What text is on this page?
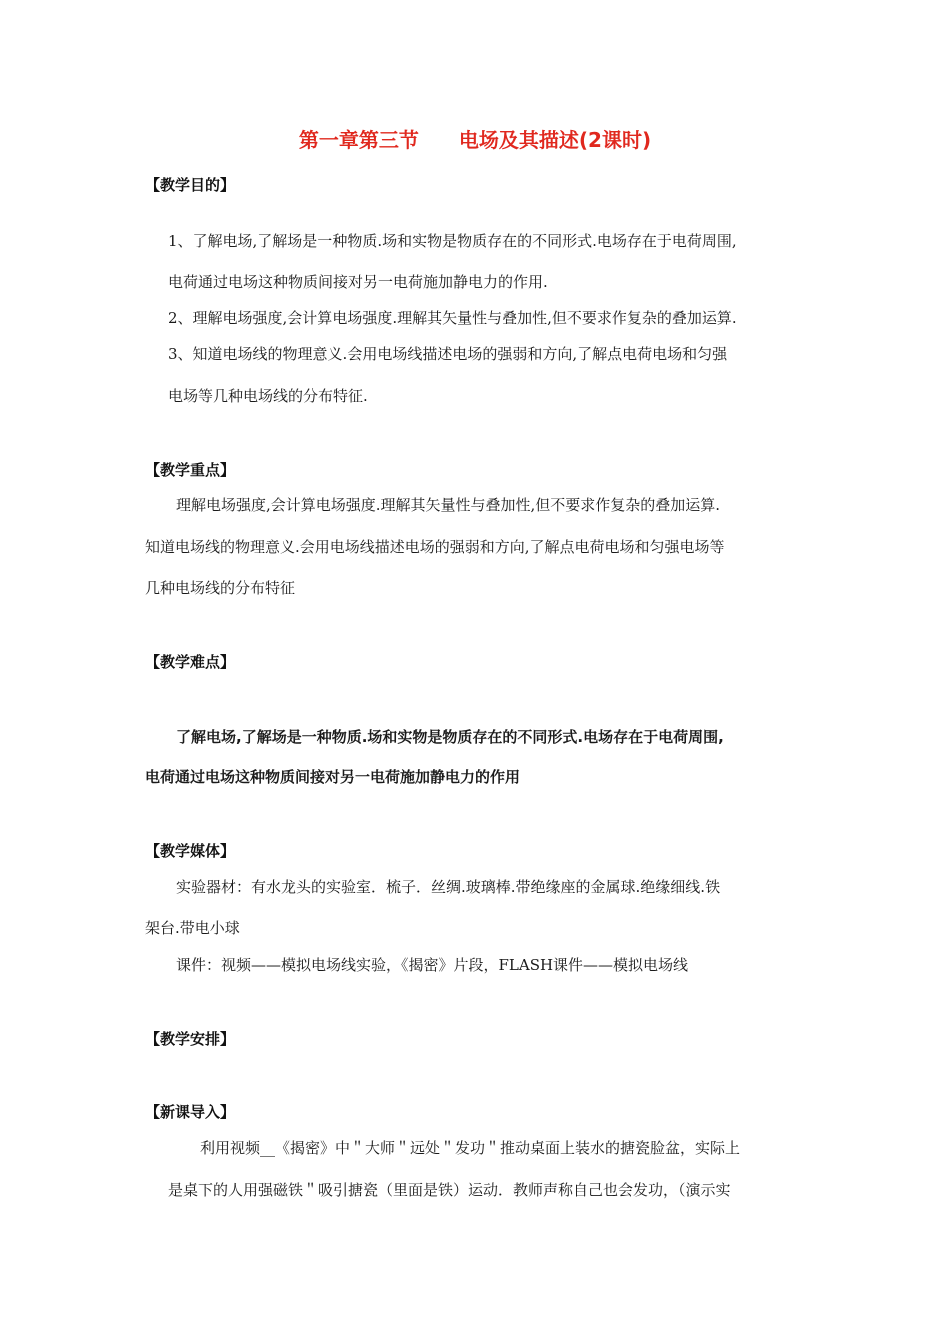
第一章第三节　　电场及其描述(2课时)
【教学目的】
1、了解电场,了解场是一种物质.场和实物是物质存在的不同形式.电场存在于电荷周围,
电荷通过电场这种物质间接对另一电荷施加静电力的作用.
2、理解电场强度,会计算电场强度.理解其矢量性与叠加性,但不要求作复杂的叠加运算.
3、知道电场线的物理意义.会用电场线描述电场的强弱和方向,了解点电荷电场和匀强
电场等几种电场线的分布特征.
【教学重点】
理解电场强度,会计算电场强度.理解其矢量性与叠加性,但不要求作复杂的叠加运算.
知道电场线的物理意义.会用电场线描述电场的强弱和方向,了解点电荷电场和匀强电场等
几种电场线的分布特征
【教学难点】
了解电场,了解场是一种物质.场和实物是物质存在的不同形式.电场存在于电荷周围,
电荷通过电场这种物质间接对另一电荷施加静电力的作用
【教学媒体】
实验器材：有水龙头的实验室．梳子．丝绸.玻璃棒.带绝缘座的金属球.绝缘细线.铁
架台.带电小球
课件：视频——模拟电场线实验，《揭密》片段，FLASH课件——模拟电场线
【教学安排】
【新课导入】
利用视频__《揭密》中＂大师＂远处＂发功＂推动桌面上装水的搪瓷脸盆，实际上
是桌下的人用强磁铁＂吸引搪瓷（里面是铁）运动．教师声称自己也会发功，（演示实
